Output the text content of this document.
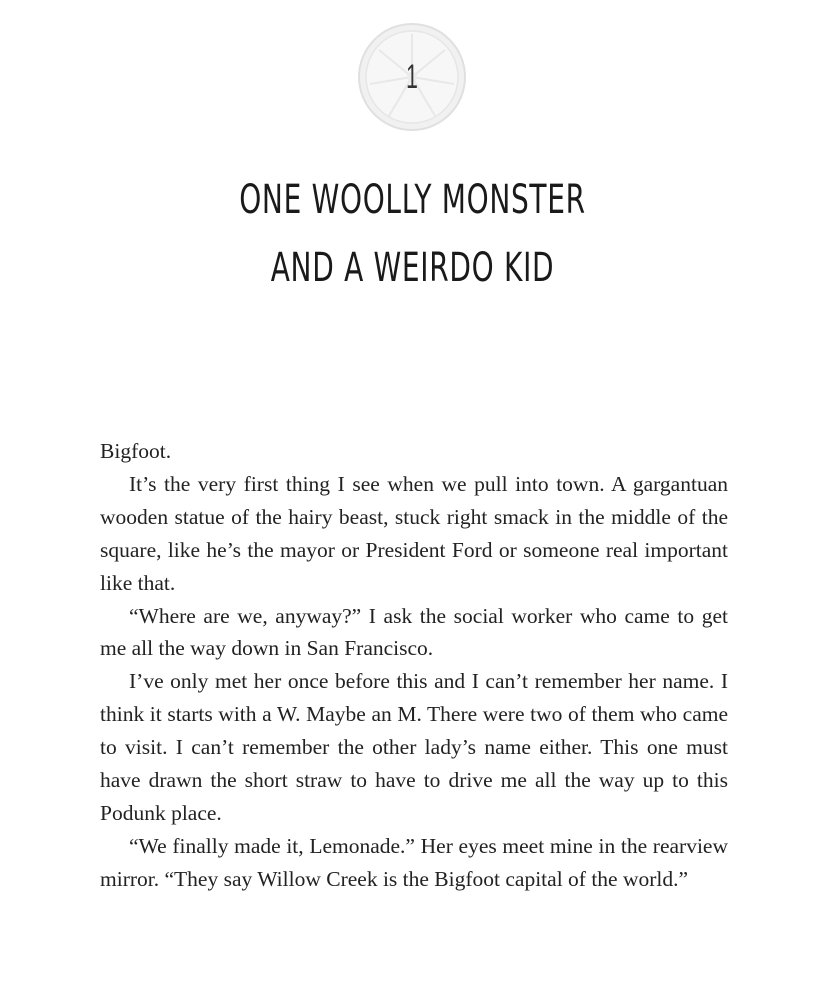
1
ONE WOOLLY MONSTER
AND A WEIRDO KID

Bigfoot.

It’s the very first thing I see when we pull into town. A gargantuan wooden statue of the hairy beast, stuck right smack in the middle of the square, like he’s the mayor or President Ford or someone real important like that.

“Where are we, anyway?” I ask the social worker who came to get me all the way down in San Francisco.

I’ve only met her once before this and I can’t remember her name. I think it starts with a W. Maybe an M. There were two of them who came to visit. I can’t remember the other lady’s name either. This one must have drawn the short straw to have to drive me all the way up to this Podunk place.

“We finally made it, Lemonade.” Her eyes meet mine in the rearview mirror. “They say Willow Creek is the Bigfoot capital of the world.”
